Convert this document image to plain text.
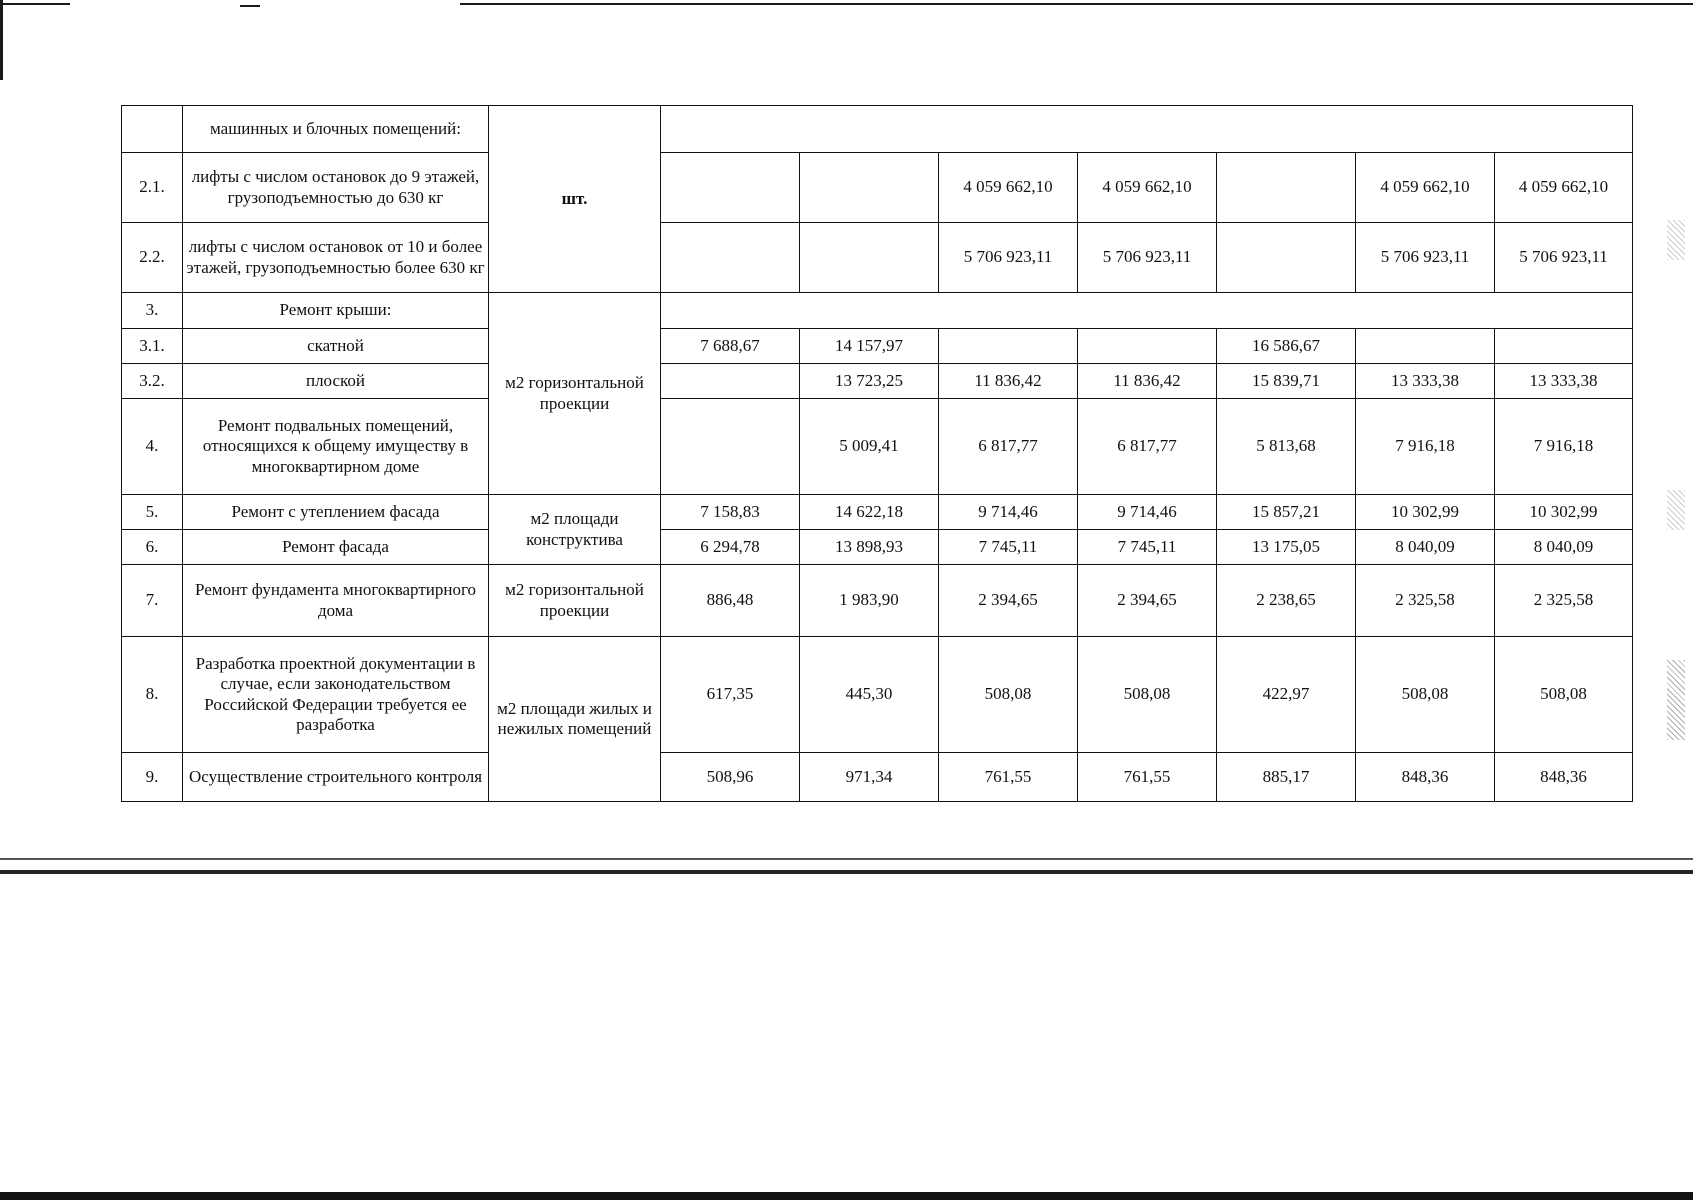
	машинных и блочных помещений:	шт.							
2.1.	лифты с числом остановок до 9 этажей, грузоподъемностью до 630 кг				4 059 662,10	4 059 662,10		4 059 662,10	4 059 662,10
2.2.	лифты с числом остановок от 10 и более этажей, грузоподъемностью более 630 кг				5 706 923,11	5 706 923,11		5 706 923,11	5 706 923,11
3.	Ремонт крыши:	м2 горизонтальной проекции							
3.1.	скатной		7 688,67	14 157,97			16 586,67		
3.2.	плоской			13 723,25	11 836,42	11 836,42	15 839,71	13 333,38	13 333,38
4.	Ремонт подвальных помещений, относящихся к общему имуществу в многоквартирном доме			5 009,41	6 817,77	6 817,77	5 813,68	7 916,18	7 916,18
5.	Ремонт с утеплением фасада	м2 площади конструктива	7 158,83	14 622,18	9 714,46	9 714,46	15 857,21	10 302,99	10 302,99
6.	Ремонт фасада		6 294,78	13 898,93	7 745,11	7 745,11	13 175,05	8 040,09	8 040,09
7.	Ремонт фундамента многоквартирного дома	м2 горизонтальной проекции	886,48	1 983,90	2 394,65	2 394,65	2 238,65	2 325,58	2 325,58
8.	Разработка проектной документации в случае, если законодательством Российской Федерации требуется ее разработка	м2 площади жилых и нежилых помещений	617,35	445,30	508,08	508,08	422,97	508,08	508,08
9.	Осуществление строительного контроля		508,96	971,34	761,55	761,55	885,17	848,36	848,36
